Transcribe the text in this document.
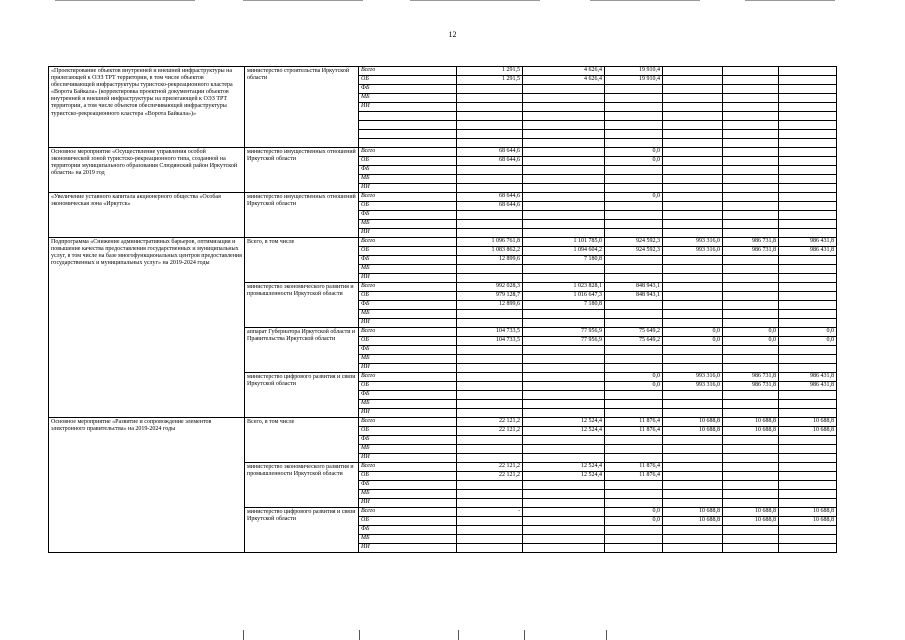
12
«Проектирование объектов внутренней и внешней инфраструктуры на прилегающей к ОЭЗ ТРТ территории, в том числе объектов обеспечивающей инфраструктуры туристско-рекреационного кластера «Ворота Байкала» (корректировка проектной документации объектов внутренней и внешней инфраструктуры на прилегающей к ОЭЗ ТРТ территории, а том числе объектов обеспечивающей инфраструктуры туристско-рекреационного кластера «Ворота Байкала»)»	министерство строительства Иркутской области	Всего	1 291,5	4 626,4	19 910,4			
		ОБ	1 291,5	4 626,4	19 910,4			
		ФБ						
		МБ						
		ИИ						

Основное мероприятие «Осуществление управления особой экономической зоной туристско-рекреационного типа, созданной на территории муниципального образования Слюдянский район Иркутской области» на 2019 год	министерство имущественных отношений Иркутской области	Всего	68 644,6		0,0			
		ОБ	68 644,6		0,0			
		ФБ						
		МБ						
		ИИ						
«Увеличение уставного капитала акционерного общества «Особая экономическая зона «Иркутск»	министерство имущественных отношений Иркутской области	Всего	68 644,6		0,0			
		ОБ	68 644,6					
		ФБ						
		МБ						
		ИИ						
Подпрограмма «Снижение административных барьеров, оптимизация и повышение качества предоставления государственных и муниципальных услуг, в том числе на базе многофункциональных центров предоставления государственных и муниципальных услуг» на 2019-2024 годы	Всего, в том числе	Всего	1 096 761,8	1 101 785,0	924 592,3	993 316,0	986 731,8	986 431,8
		ОБ	1 083 862,2	1 094 604,2	924 592,3	993 316,0	986 731,8	986 431,8
		ФБ	12 899,6	7 180,8				
		МБ						
		ИИ						
	министерство экономического развития и промышленности Иркутской области	Всего	992 028,3	1 023 828,1	848 943,1			
		ОБ	979 128,7	1 016 647,3	848 943,1			
		ФБ	12 899,6	7 180,8				
		МБ						
		ИИ						
	аппарат Губернатора Иркутской области и Правительства Иркутской области	Всего	104 733,5	77 956,9	75 649,2	0,0	0,0	0,0
		ОБ	104 733,5	77 956,9	75 649,2	0,0	0,0	0,0
		ФБ						
		МБ						
		ИИ						
	министерство цифрового развития и связи Иркутской области	Всего			0,0	993 316,0	986 731,8	986 431,8
		ОБ			0,0	993 316,0	986 731,8	986 431,8
		ФБ						
		МБ						
		ИИ						
Основное мероприятие «Развитие и сопровождение элементов электронного правительства» на 2019-2024 годы	Всего, в том числе	Всего	22 121,2	12 524,4	11 876,4	10 688,8	10 688,8	10 688,8
		ОБ	22 121,2	12 524,4	11 876,4	10 688,8	10 688,8	10 688,8
		ФБ						
		МБ						
		ИИ						
	министерство экономического развития и промышленности Иркутской области	Всего	22 121,2	12 524,4	11 876,4			
		ОБ	22 121,2	12 524,4	11 876,4			
		ФБ						
		МБ						
		ИИ						
	министерство цифрового развития и связи Иркутской области	Всего	-		0,0	10 688,8	10 688,8	10 688,8
		ОБ			0,0	10 688,8	10 688,8	10 688,8
		ФБ						
		МБ						
		ИИ						
